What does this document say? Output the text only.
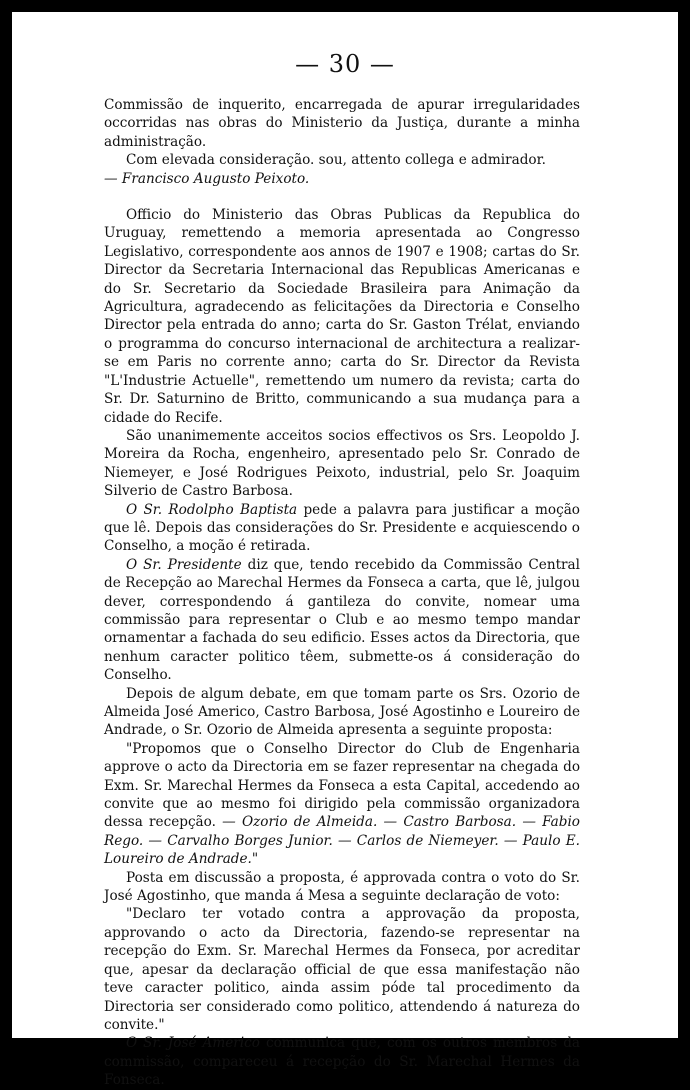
— 30 —

Commissão de inquerito, encarregada de apurar irregularidades occorridas nas obras do Ministerio da Justiça, durante a minha administração.

Com elevada consideração. sou, attento collega e admirador.

— Francisco Augusto Peixoto.

Officio do Ministerio das Obras Publicas da Republica do Uruguay, remettendo a memoria apresentada ao Congresso Legislativo, correspondente aos annos de 1907 e 1908; cartas do Sr. Director da Secretaria Internacional das Republicas Americanas e do Sr. Secretario da Sociedade Brasileira para Animação da Agricultura, agradecendo as felicitações da Directoria e Conselho Director pela entrada do anno; carta do Sr. Gaston Trélat, enviando o programma do concurso internacional de architectura a realizar-se em Paris no corrente anno; carta do Sr. Director da Revista "L'Industrie Actuelle", remettendo um numero da revista; carta do Sr. Dr. Saturnino de Britto, communicando a sua mudança para a cidade do Recife.

São unanimemente acceitos socios effectivos os Srs. Leopoldo J. Moreira da Rocha, engenheiro, apresentado pelo Sr. Conrado de Niemeyer, e José Rodrigues Peixoto, industrial, pelo Sr. Joaquim Silverio de Castro Barbosa.

O Sr. Rodolpho Baptista pede a palavra para justificar a moção que lê. Depois das considerações do Sr. Presidente e acquiescendo o Conselho, a moção é retirada.

O Sr. Presidente diz que, tendo recebido da Commissão Central de Recepção ao Marechal Hermes da Fonseca a carta, que lê, julgou dever, correspondendo á gantileza do convite, nomear uma commissão para representar o Club e ao mesmo tempo mandar ornamentar a fachada do seu edificio. Esses actos da Directoria, que nenhum caracter politico têem, submette-os á consideração do Conselho.

Depois de algum debate, em que tomam parte os Srs. Ozorio de Almeida José Americo, Castro Barbosa, José Agostinho e Loureiro de Andrade, o Sr. Ozorio de Almeida apresenta a seguinte proposta:

"Propomos que o Conselho Director do Club de Engenharia approve o acto da Directoria em se fazer representar na chegada do Exm. Sr. Marechal Hermes da Fonseca a esta Capital, accedendo ao convite que ao mesmo foi dirigido pela commissão organizadora dessa recepção. — Ozorio de Almeida. — Castro Barbosa. — Fabio Rego. — Carvalho Borges Junior. — Carlos de Niemeyer. — Paulo E. Loureiro de Andrade."

Posta em discussão a proposta, é approvada contra o voto do Sr. José Agostinho, que manda á Mesa a seguinte declaração de voto:

"Declaro ter votado contra a approvação da proposta, approvando o acto da Directoria, fazendo-se representar na recepção do Exm. Sr. Marechal Hermes da Fonseca, por acreditar que, apesar da declaração official de que essa manifestação não teve caracter politico, ainda assim póde tal procedimento da Directoria ser considerado como politico, attendendo á natureza do convite."

O Sr. José Americo communica que, com os outros membros da commissão, compareceu á recepção do Sr. Marechal Hermes da Fonseca.
